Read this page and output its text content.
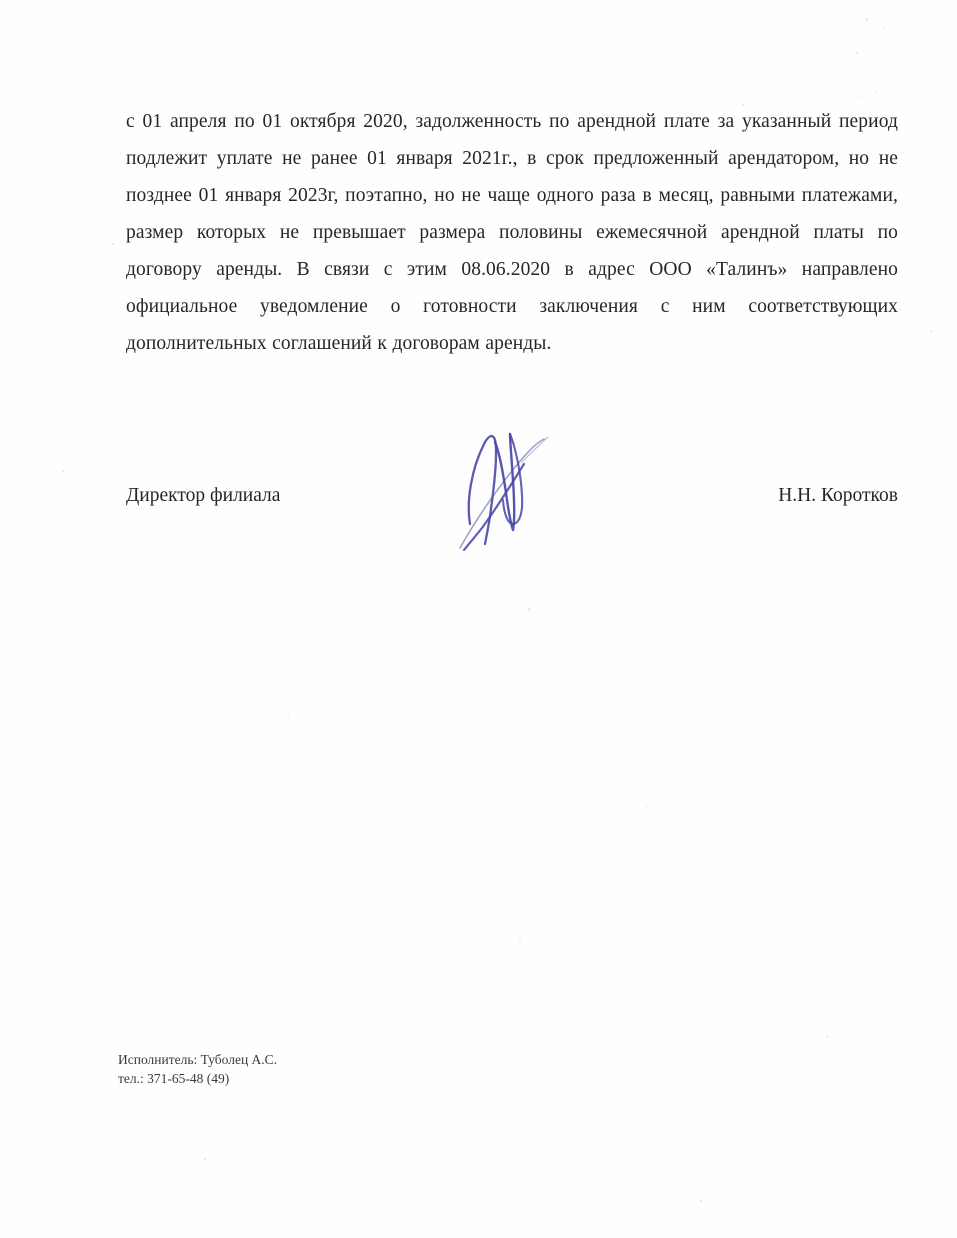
с 01 апреля по 01 октября 2020, задолженность по арендной плате за указанный период подлежит уплате не ранее 01 января 2021г., в срок предложенный арендатором, но не позднее 01 января 2023г, поэтапно, но не чаще одного раза в месяц, равными платежами, размер которых не превышает размера половины ежемесячной арендной платы по договору аренды. В связи с этим 08.06.2020 в адрес ООО «Талинъ» направлено официальное уведомление о готовности заключения с ним соответствующих дополнительных соглашений к договорам аренды.

Директор филиала	Н.Н. Коротков

Исполнитель: Туболец А.С.

тел.: 371-65-48 (49)
